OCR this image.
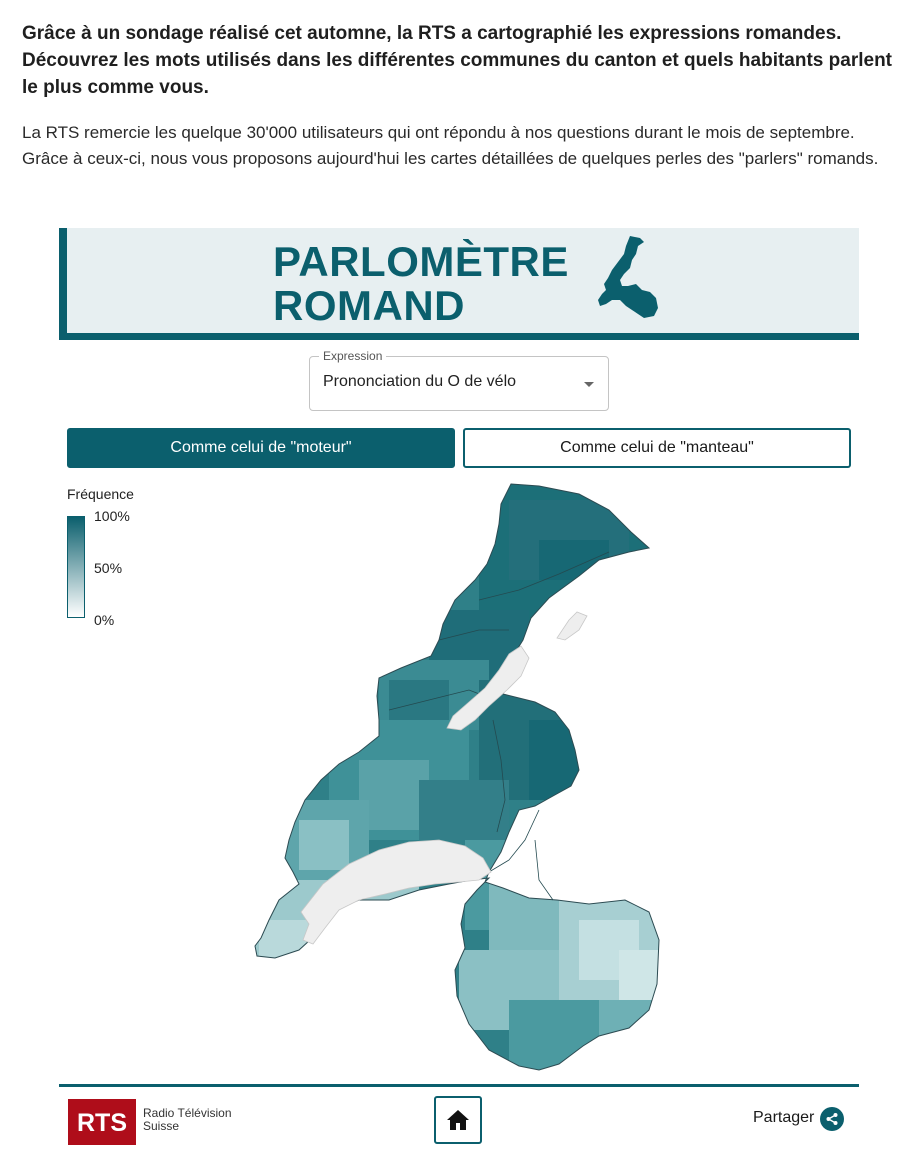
Grâce à un sondage réalisé cet automne, la RTS a cartographié les expressions romandes. Découvrez les mots utilisés dans les différentes communes du canton et quels habitants parlent le plus comme vous.

La RTS remercie les quelque 30'000 utilisateurs qui ont répondu à nos questions durant le mois de septembre. Grâce à ceux-ci, nous vous proposons aujourd'hui les cartes détaillées de quelques perles des "parlers" romands.

PARLOMÈTRE
ROMAND
Expression
Prononciation du O de vélo
Comme celui de "moteur"	Comme celui de "manteau"
Fréquence
100%
50%
0%
RTS Radio Télévision
Suisse	Partager
